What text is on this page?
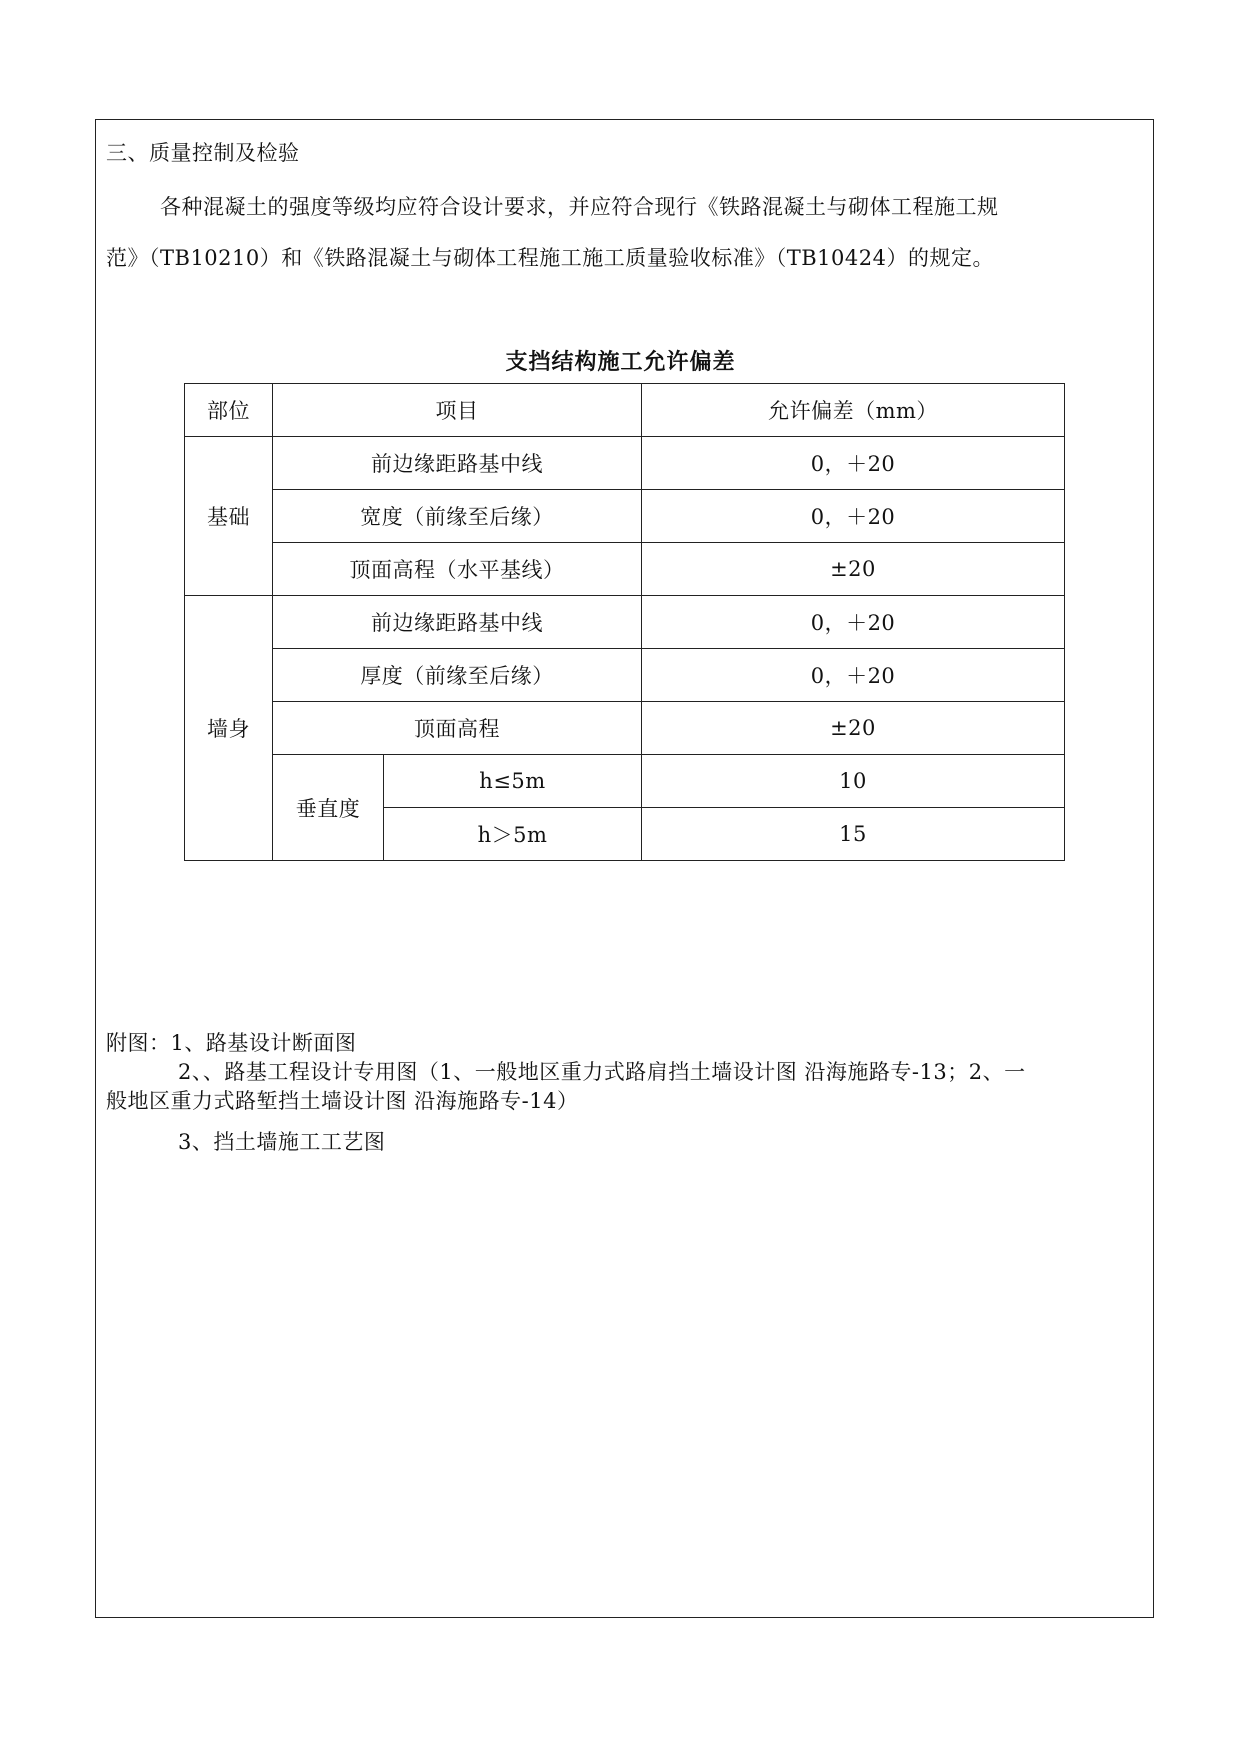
三、质量控制及检验
各种混凝土的强度等级均应符合设计要求，并应符合现行《铁路混凝土与砌体工程施工规
范》（TB10210）和《铁路混凝土与砌体工程施工施工质量验收标准》（TB10424）的规定。
支挡结构施工允许偏差
部位	项目		允许偏差（mm）
基础	前边缘距路基中线		0，＋20
	宽度（前缘至后缘）		0，＋20
	顶面高程（水平基线）		±20
墙身	前边缘距路基中线		0，＋20
	厚度（前缘至后缘）		0，＋20
	顶面高程		±20
	垂直度	h≤5m	10
		h＞5m	15
附图：1、路基设计断面图
2、、路基工程设计专用图（1、一般地区重力式路肩挡土墙设计图 沿海施路专-13；2、一
般地区重力式路堑挡土墙设计图 沿海施路专-14）
3、挡土墙施工工艺图
